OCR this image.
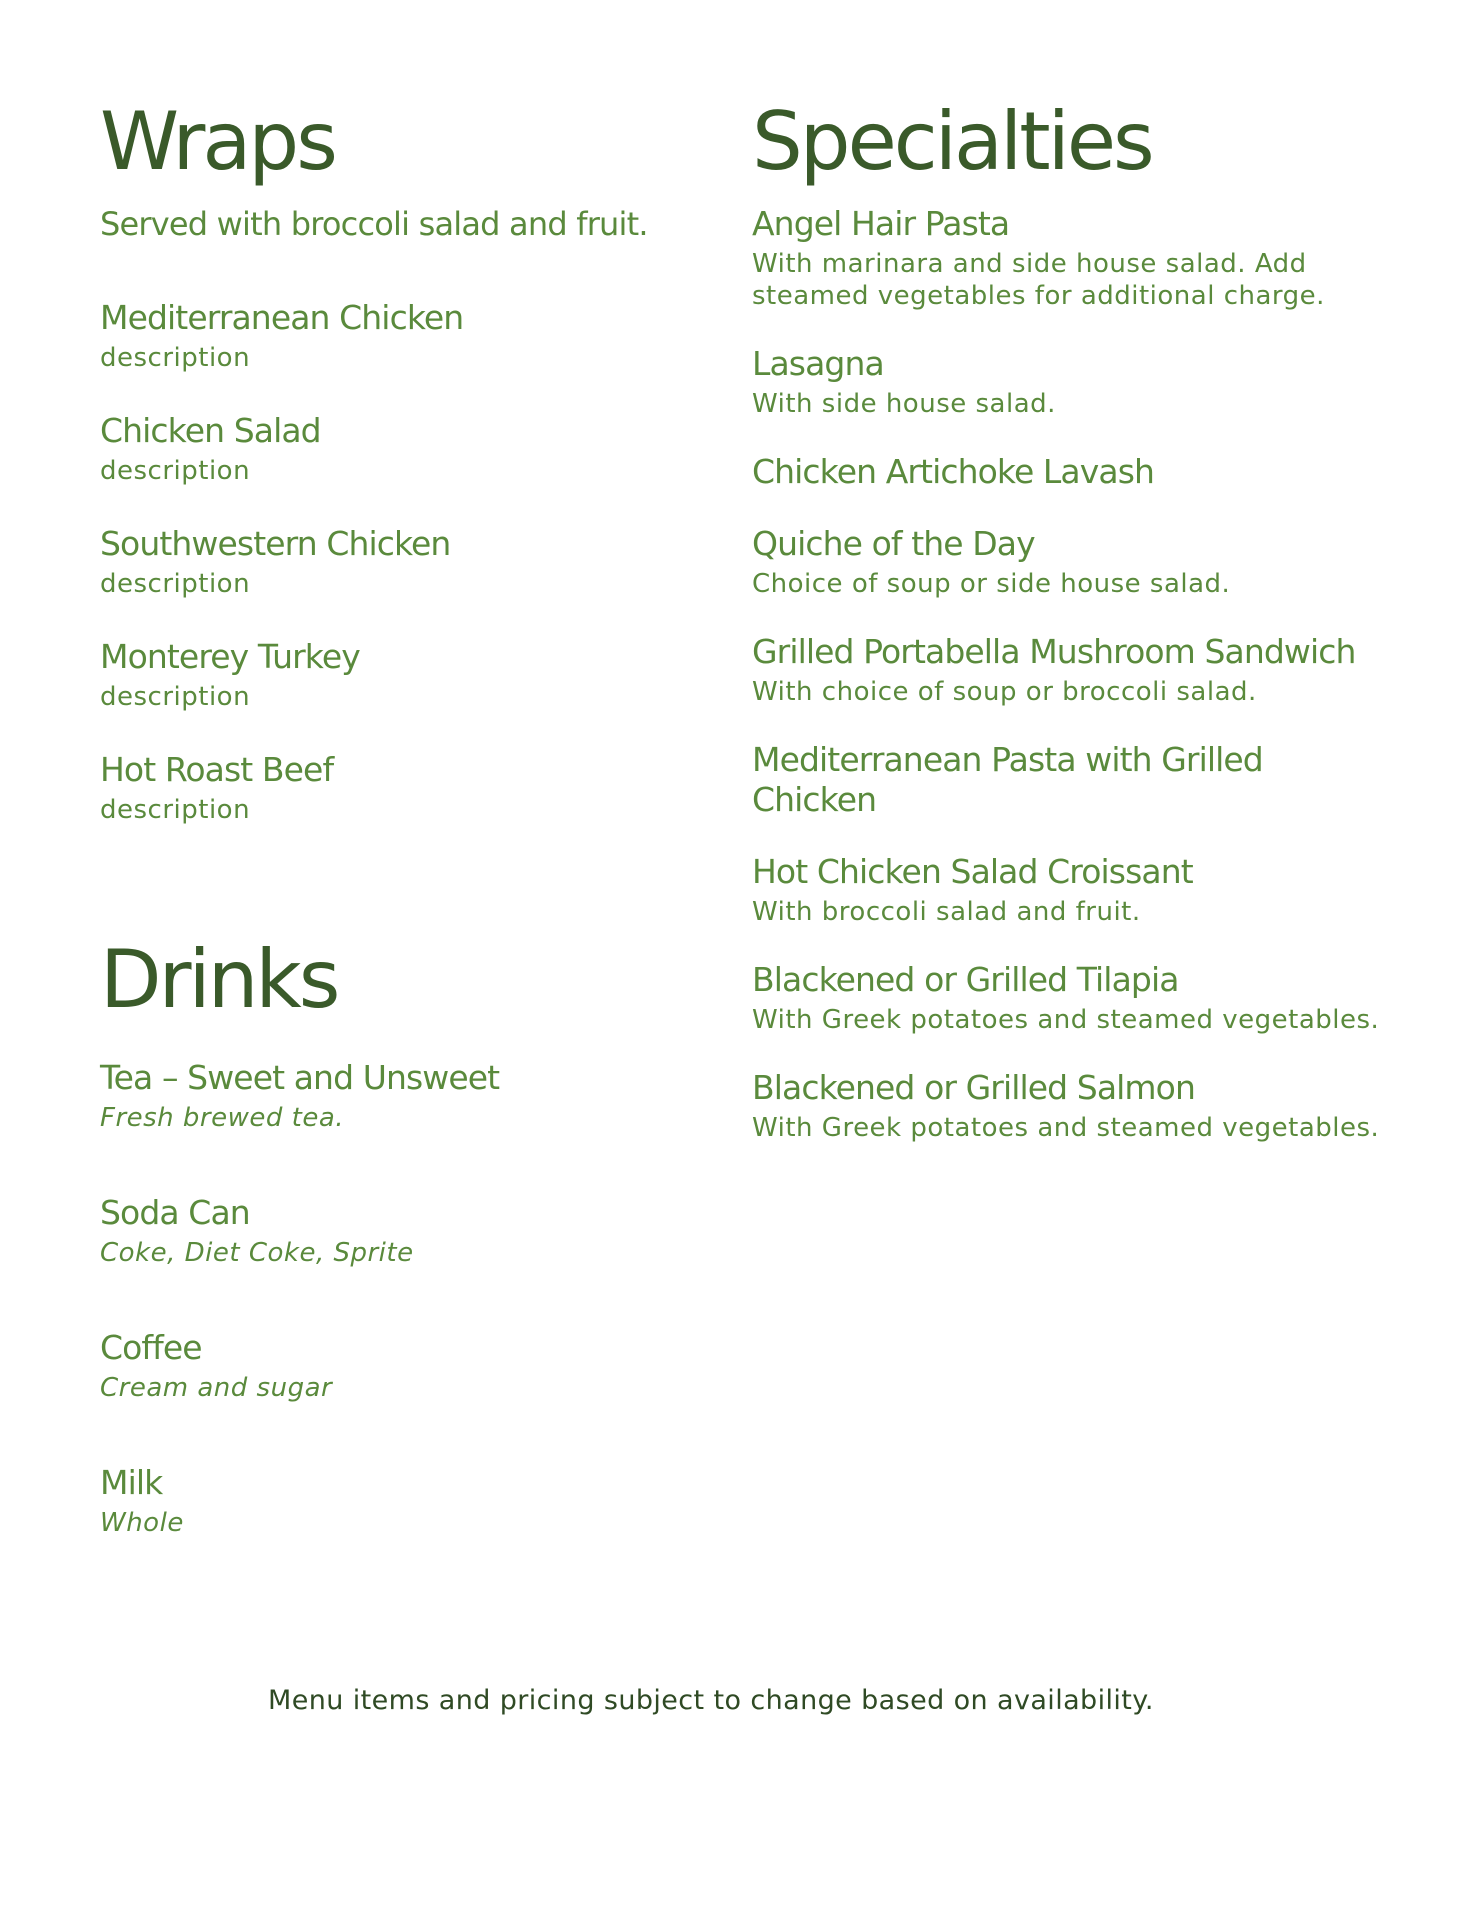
Wraps

Served with broccoli salad and fruit.

Mediterranean Chicken

description

Chicken Salad

description

Southwestern Chicken

description

Monterey Turkey

description

Hot Roast Beef

description

Drinks

Tea – Sweet and Unsweet

Fresh brewed tea.

Soda Can

Coke, Diet Coke, Sprite

Coffee

Cream and sugar

Milk

Whole

Specialties

Angel Hair Pasta

With marinara and side house salad. Add steamed vegetables for additional charge.

Lasagna

With side house salad.

Chicken Artichoke Lavash

Quiche of the Day

Choice of soup or side house salad.

Grilled Portabella Mushroom Sandwich

With choice of soup or broccoli salad.

Mediterranean Pasta with Grilled Chicken

Hot Chicken Salad Croissant

With broccoli salad and fruit.

Blackened or Grilled Tilapia

With Greek potatoes and steamed vegetables.

Blackened or Grilled Salmon

With Greek potatoes and steamed vegetables.

Menu items and pricing subject to change based on availability.
